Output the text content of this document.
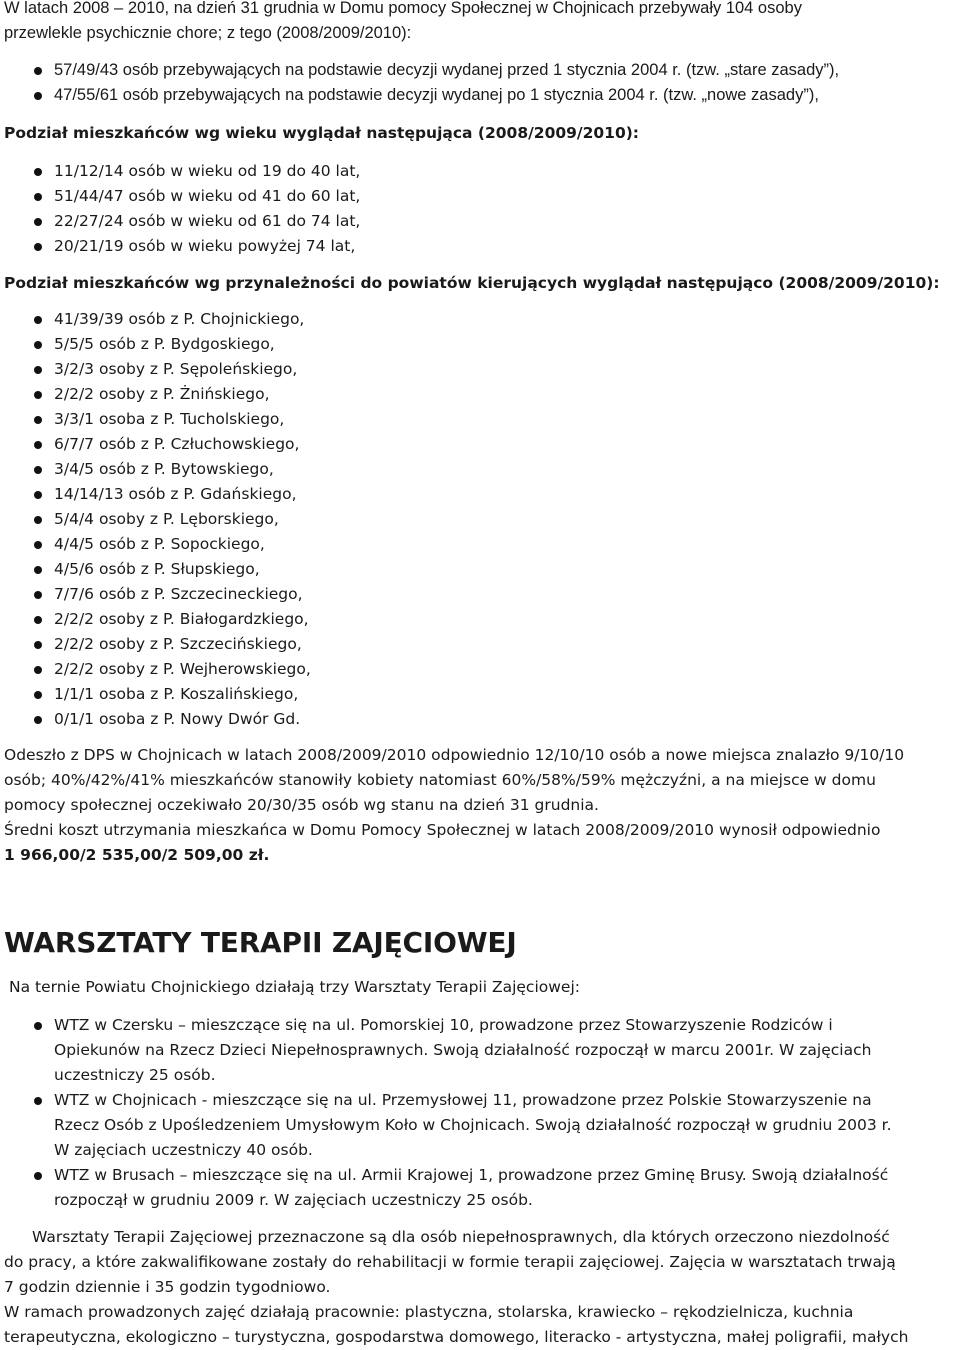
W latach 2008 – 2010, na dzień 31 grudnia w Domu pomocy Społecznej w Chojnicach przebywały 104 osoby

przewlekle psychicznie chore; z tego (2008/2009/2010):

57/49/43 osób przebywających na podstawie decyzji wydanej przed 1 stycznia 2004 r. (tzw. „stare zasady”),
47/55/61 osób przebywających na podstawie decyzji wydanej po 1 stycznia 2004 r. (tzw. „nowe zasady”),

Podział mieszkańców wg wieku wyglądał następująca (2008/2009/2010):

11/12/14 osób w wieku od 19 do 40 lat,
51/44/47 osób w wieku od 41 do 60 lat,
22/27/24 osób w wieku od 61 do 74 lat,
20/21/19 osób w wieku powyżej 74 lat,

Podział mieszkańców wg przynależności do powiatów kierujących wyglądał następująco (2008/2009/2010):

41/39/39 osób z P. Chojnickiego,
5/5/5 osób z P. Bydgoskiego,
3/2/3 osoby z P. Sępoleńskiego,
2/2/2 osoby z P. Żnińskiego,
3/3/1 osoba z P. Tucholskiego,
6/7/7 osób z P. Człuchowskiego,
3/4/5 osób z P. Bytowskiego,
14/14/13 osób z P. Gdańskiego,
5/4/4 osoby z P. Lęborskiego,
4/4/5 osób z P. Sopockiego,
4/5/6 osób z P. Słupskiego,
7/7/6 osób z P. Szczecineckiego,
2/2/2 osoby z P. Białogardzkiego,
2/2/2 osoby z P. Szczecińskiego,
2/2/2 osoby z P. Wejherowskiego,
1/1/1 osoba z P. Koszalińskiego,
0/1/1 osoba z P. Nowy Dwór Gd.

Odeszło z DPS w Chojnicach w latach 2008/2009/2010 odpowiednio 12/10/10 osób a nowe miejsca znalazło 9/10/10

osób; 40%/42%/41% mieszkańców stanowiły kobiety natomiast 60%/58%/59% mężczyźni, a na miejsce w domu

pomocy społecznej oczekiwało 20/30/35 osób wg stanu na dzień 31 grudnia.

Średni koszt utrzymania mieszkańca w Domu Pomocy Społecznej w latach 2008/2009/2010 wynosił odpowiednio

1 966,00/2 535,00/2 509,00 zł.

WARSZTATY TERAPII ZAJĘCIOWEJ

Na ternie Powiatu Chojnickiego działają trzy Warsztaty Terapii Zajęciowej:

WTZ w Czersku – mieszczące się na ul. Pomorskiej 10, prowadzone przez Stowarzyszenie Rodziców i
Opiekunów na Rzecz Dzieci Niepełnosprawnych. Swoją działalność rozpoczął w marcu 2001r. W zajęciach
uczestniczy 25 osób.
WTZ w Chojnicach - mieszczące się na ul. Przemysłowej 11, prowadzone przez Polskie Stowarzyszenie na
Rzecz Osób z Upośledzeniem Umysłowym Koło w Chojnicach. Swoją działalność rozpoczął w grudniu 2003 r.
W zajęciach uczestniczy 40 osób.
WTZ w Brusach – mieszczące się na ul. Armii Krajowej 1, prowadzone przez Gminę Brusy. Swoją działalność
rozpoczął w grudniu 2009 r. W zajęciach uczestniczy 25 osób.

Warsztaty Terapii Zajęciowej przeznaczone są dla osób niepełnosprawnych, dla których orzeczono niezdolność

do pracy, a które zakwalifikowane zostały do rehabilitacji w formie terapii zajęciowej. Zajęcia w warsztatach trwają

7 godzin dziennie i 35 godzin tygodniowo.

W ramach prowadzonych zajęć działają pracownie: plastyczna, stolarska, krawiecko – rękodzielnicza, kuchnia

terapeutyczna, ekologiczno – turystyczna, gospodarstwa domowego, literacko - artystyczna, małej poligrafii, małych
